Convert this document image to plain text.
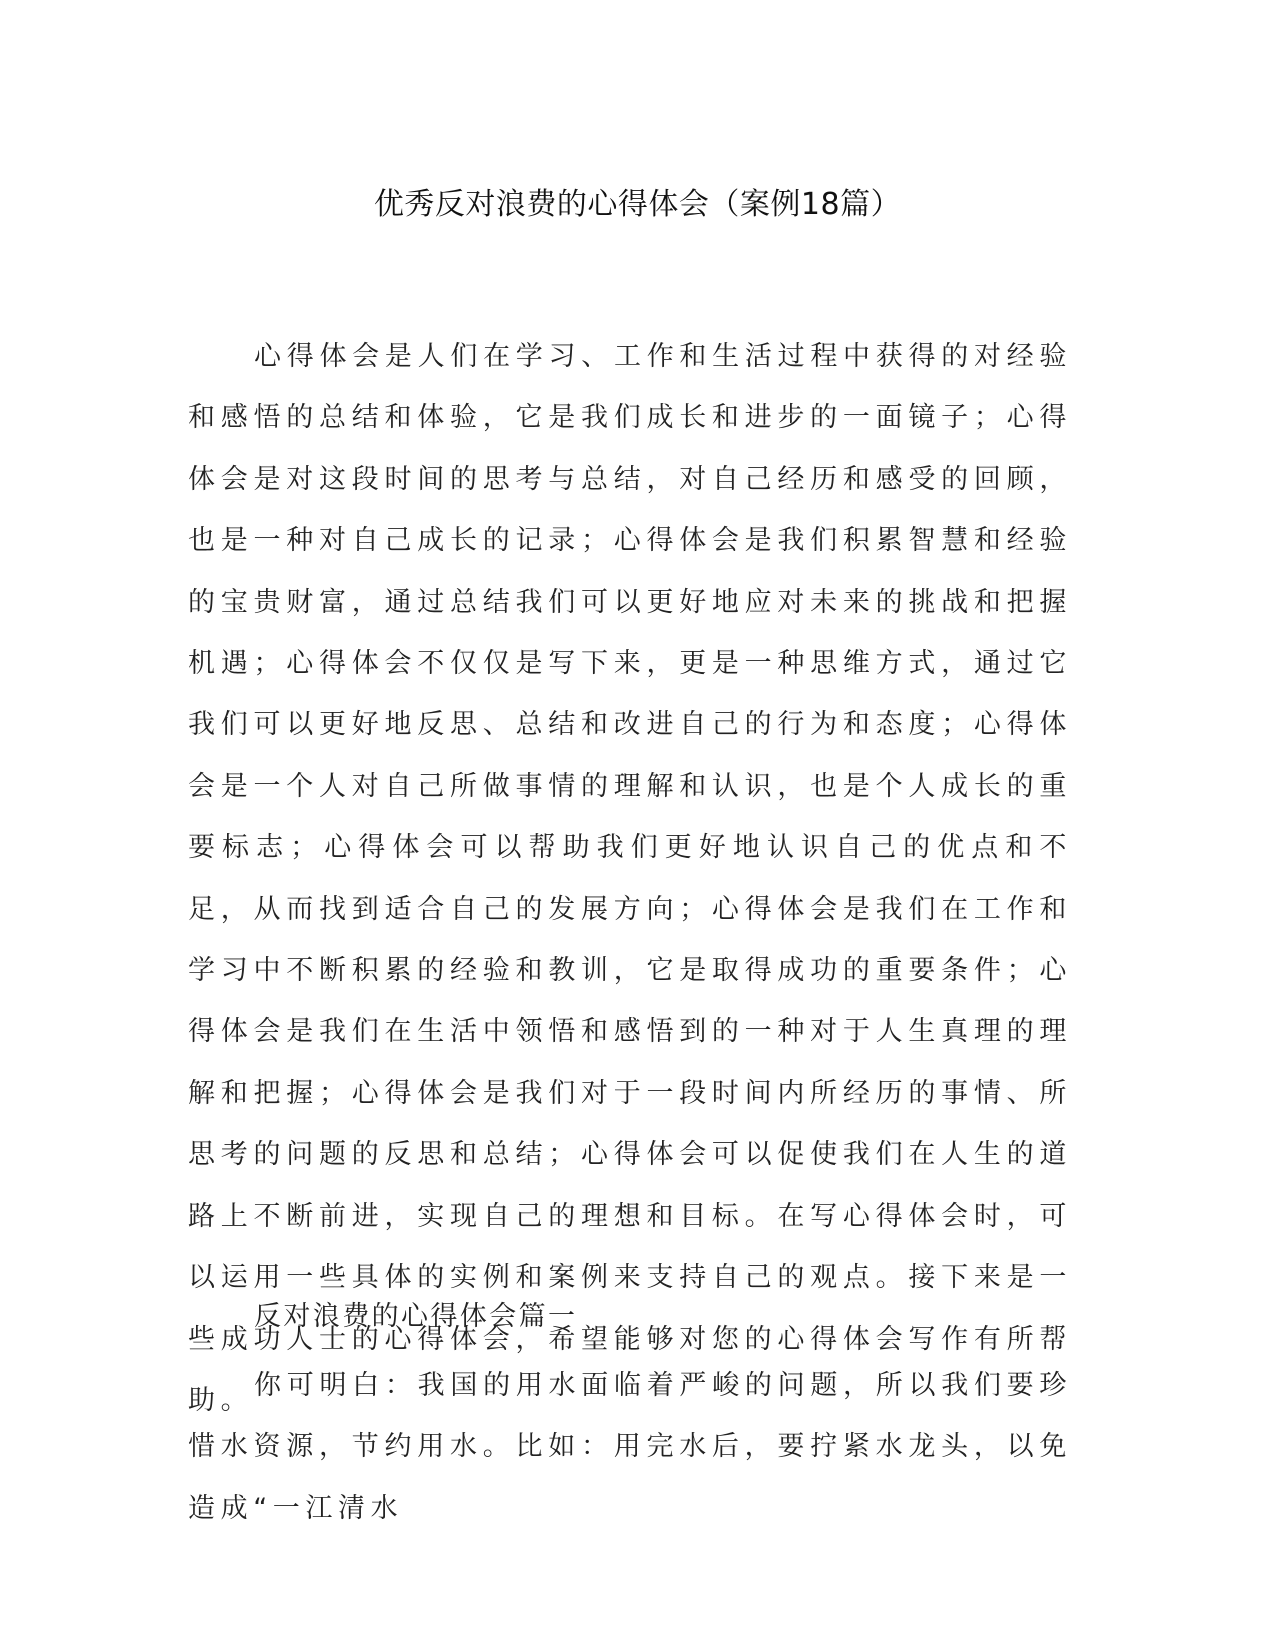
优秀反对浪费的心得体会（案例18篇）

心得体会是人们在学习、工作和生活过程中获得的对经验和感悟的总结和体验，它是我们成长和进步的一面镜子；心得体会是对这段时间的思考与总结，对自己经历和感受的回顾，也是一种对自己成长的记录；心得体会是我们积累智慧和经验的宝贵财富，通过总结我们可以更好地应对未来的挑战和把握机遇；心得体会不仅仅是写下来，更是一种思维方式，通过它我们可以更好地反思、总结和改进自己的行为和态度；心得体会是一个人对自己所做事情的理解和认识，也是个人成长的重要标志；心得体会可以帮助我们更好地认识自己的优点和不足，从而找到适合自己的发展方向；心得体会是我们在工作和学习中不断积累的经验和教训，它是取得成功的重要条件；心得体会是我们在生活中领悟和感悟到的一种对于人生真理的理解和把握；心得体会是我们对于一段时间内所经历的事情、所思考的问题的反思和总结；心得体会可以促使我们在人生的道路上不断前进，实现自己的理想和目标。在写心得体会时，可以运用一些具体的实例和案例来支持自己的观点。接下来是一些成功人士的心得体会，希望能够对您的心得体会写作有所帮助。

反对浪费的心得体会篇一

你可明白：我国的用水面临着严峻的问题，所以我们要珍惜水资源，节约用水。比如：用完水后，要拧紧水龙头，以免造成“一江清水
